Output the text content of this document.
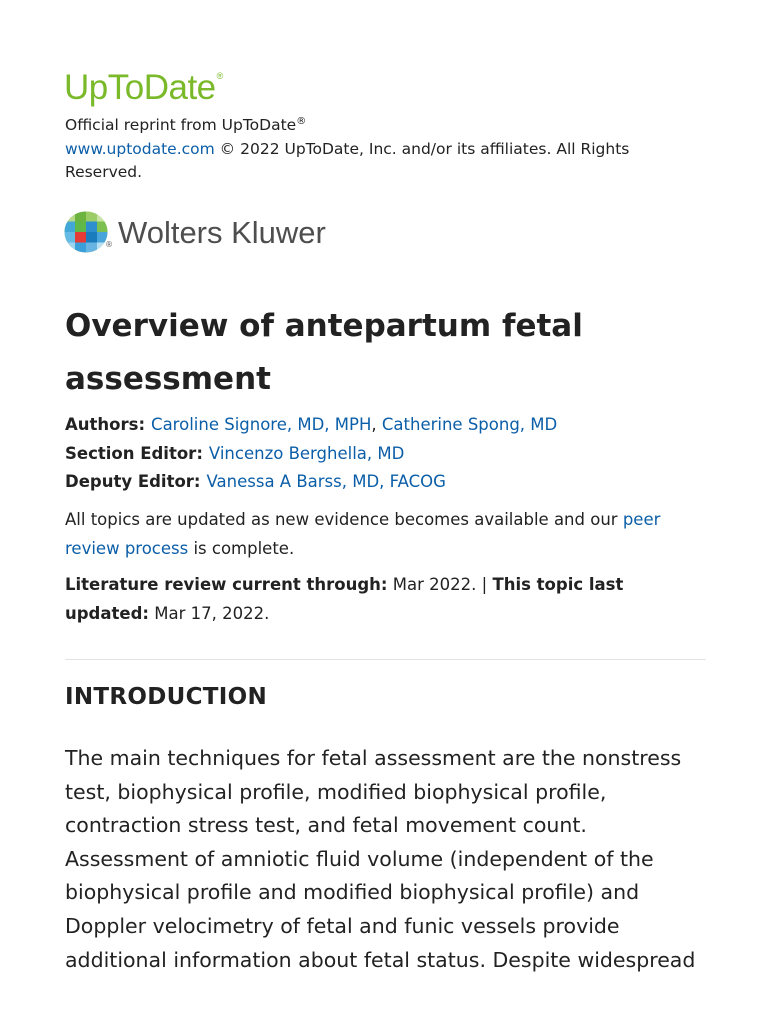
UpToDate®
Official reprint from UpToDate®
www.uptodate.com © 2022 UpToDate, Inc. and/or its affiliates. All Rights Reserved.
® Wolters Kluwer
Overview of antepartum fetal assessment
Authors: Caroline Signore, MD, MPH, Catherine Spong, MD
Section Editor: Vincenzo Berghella, MD
Deputy Editor: Vanessa A Barss, MD, FACOG
All topics are updated as new evidence becomes available and our peer review process is complete.
Literature review current through: Mar 2022. | This topic last updated: Mar 17, 2022.
INTRODUCTION

The main techniques for fetal assessment are the nonstress test, biophysical profile, modified biophysical profile, contraction stress test, and fetal movement count. Assessment of amniotic fluid volume (independent of the biophysical profile and modified biophysical profile) and Doppler velocimetry of fetal and funic vessels provide additional information about fetal status. Despite widespread
